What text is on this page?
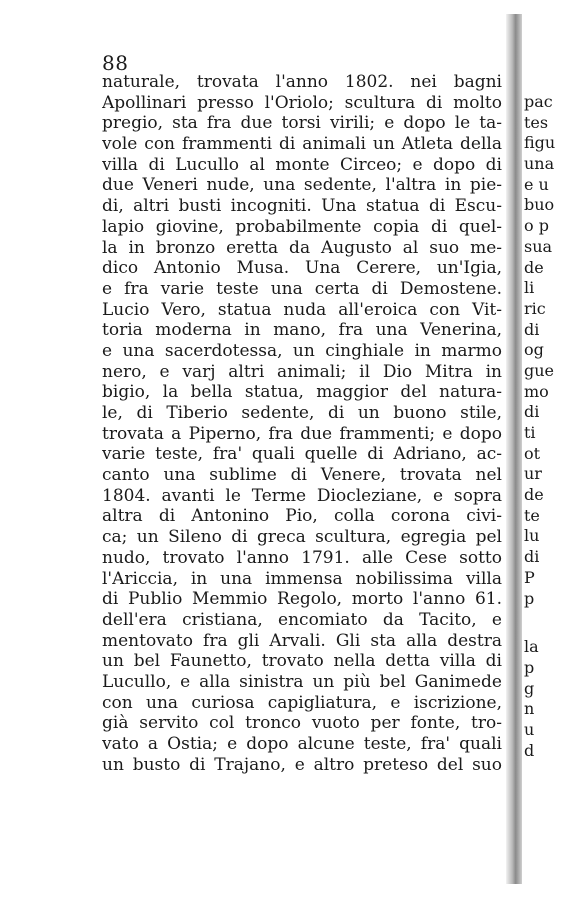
88
naturale, trovata l'anno 1802. nei bagni
Apollinari presso l'Oriolo; scultura di molto
pregio, sta fra due torsi virili; e dopo le ta-
vole con frammenti di animali un Atleta della
villa di Lucullo al monte Circeo; e dopo di
due Veneri nude, una sedente, l'altra in pie-
di, altri busti incogniti. Una statua di Escu-
lapio giovine, probabilmente copia di quel-
la in bronzo eretta da Augusto al suo me-
dico Antonio Musa. Una Cerere, un'Igia,
e fra varie teste una certa di Demostene.
Lucio Vero, statua nuda all'eroica con Vit-
toria moderna in mano, fra una Venerina,
e una sacerdotessa, un cinghiale in marmo
nero, e varj altri animali; il Dio Mitra in
bigio, la bella statua, maggior del natura-
le, di Tiberio sedente, di un buono stile,
trovata a Piperno, fra due frammenti; e dopo
varie teste, fra' quali quelle di Adriano, ac-
canto una sublime di Venere, trovata nel
1804. avanti le Terme Diocleziane, e sopra
altra di Antonino Pio, colla corona civi-
ca; un Sileno di greca scultura, egregia pel
nudo, trovato l'anno 1791. alle Cese sotto
l'Ariccia, in una immensa nobilissima villa
di Publio Memmio Regolo, morto l'anno 61.
dell'era cristiana, encomiato da Tacito, e
mentovato fra gli Arvali. Gli sta alla destra
un bel Faunetto, trovato nella detta villa di
Lucullo, e alla sinistra un più bel Ganimede
con una curiosa capigliatura, e iscrizione,
già servito col tronco vuoto per fonte, tro-
vato a Ostia; e dopo alcune teste, fra' quali
un busto di Trajano, e altro preteso del suo
pac
tes
figu
una
e u
buo
o p
sua
de
li
ric
di
og
gue
mo
di
ti
ot
ur
de
te
lu
di
P
p
la
p
g
n
u
d
